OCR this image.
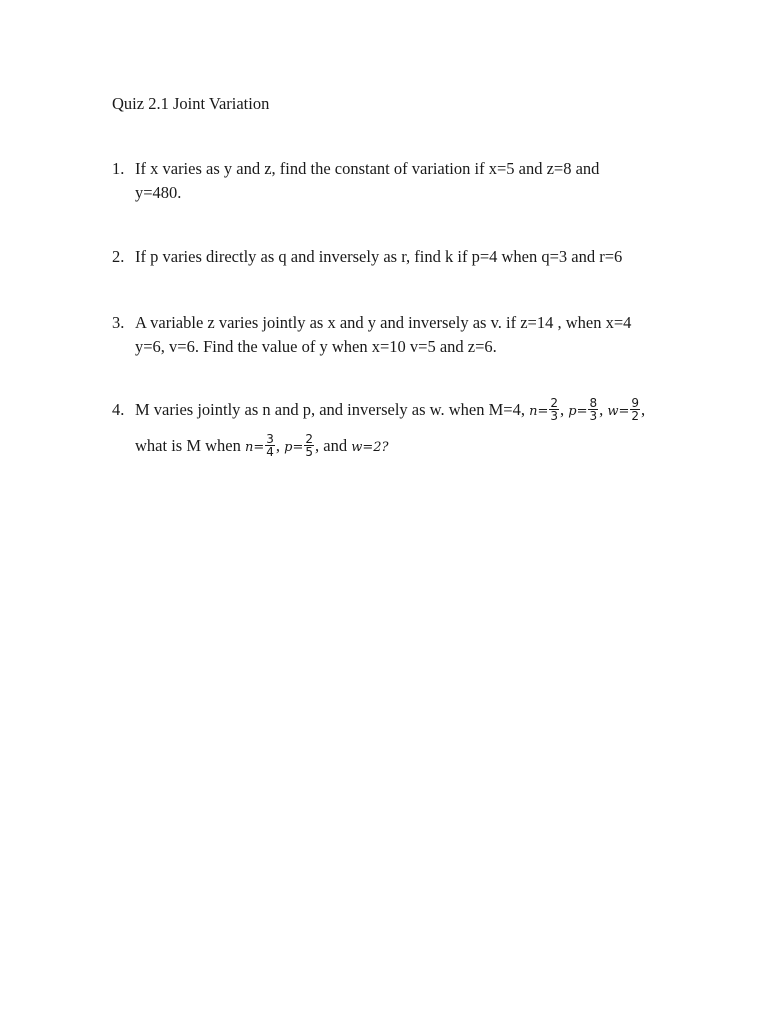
Quiz 2.1 Joint Variation
1. If x varies as y and z, find the constant of variation if x=5 and z=8 and
y=480.
2. If p varies directly as q and inversely as r, find k if p=4 when q=3 and r=6
3. A variable z varies jointly as x and y and inversely as v. if z=14 , when x=4
y=6, v=6. Find the value of y when x=10 v=5 and z=6.
4. M varies jointly as n and p, and inversely as w. when M=4, $n= \frac{2}{3}$ , $p= \frac{8}{3}$ , $w= \frac{9}{2}$ ,
what is M when $n= \frac{3}{4}$ , $p= \frac{2}{5}$ , and w=2?
